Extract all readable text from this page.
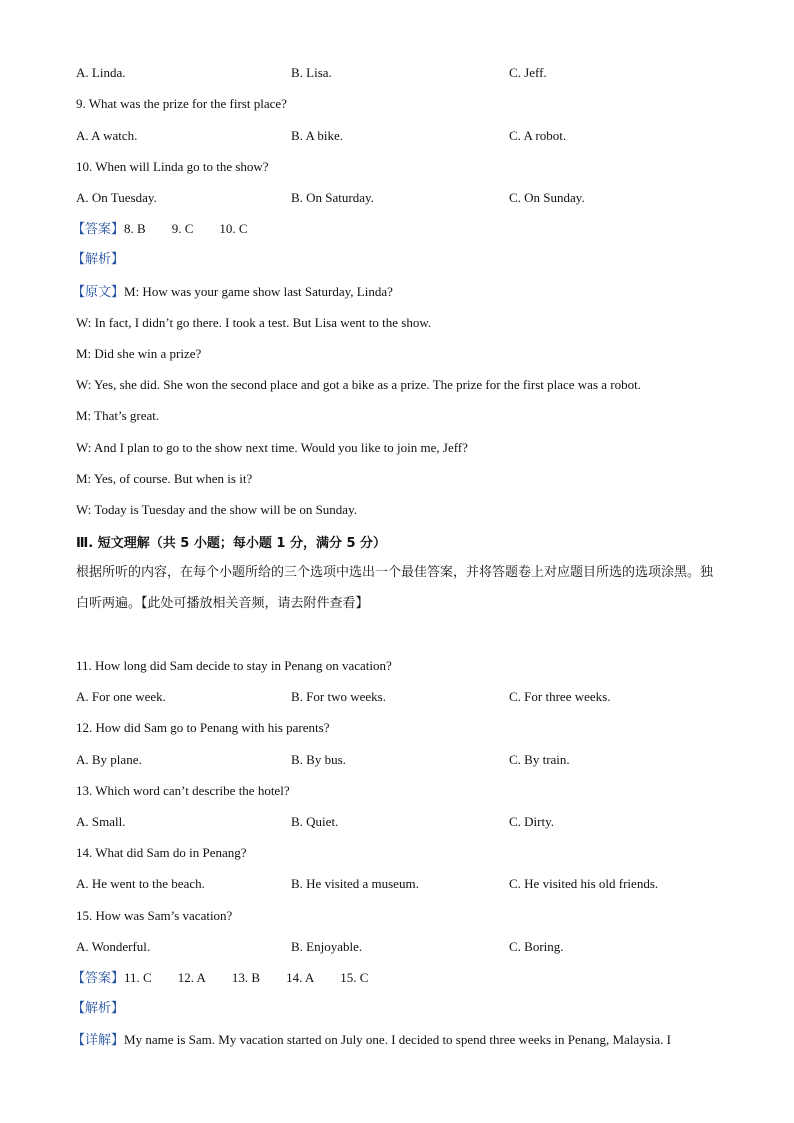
A. Linda.	B. Lisa.	C. Jeff.
9. What was the prize for the first place?
A. A watch.	B. A bike.	C. A robot.
10. When will Linda go to the show?
A. On Tuesday.	B. On Saturday.	C. On Sunday.
【答案】8. B 9. C 10. C
【解析】
【原文】M: How was your game show last Saturday, Linda?
W: In fact, I didn’t go there. I took a test. But Lisa went to the show.
M: Did she win a prize?
W: Yes, she did. She won the second place and got a bike as a prize. The prize for the first place was a robot.
M: That’s great.
W: And I plan to go to the show next time. Would you like to join me, Jeff?
M: Yes, of course. But when is it?
W: Today is Tuesday and the show will be on Sunday.
Ⅲ. 短文理解（共 5 小题；每小题 1 分，满分 5 分）
根据所听的内容，在每个小题所给的三个选项中选出一个最佳答案，并将答题卷上对应题目所选的选项涂黑。独白听两遍。【此处可播放相关音频，请去附件查看】
11. How long did Sam decide to stay in Penang on vacation?
A. For one week.	B. For two weeks.	C. For three weeks.
12. How did Sam go to Penang with his parents?
A. By plane.	B. By bus.	C. By train.
13. Which word can’t describe the hotel?
A. Small.	B. Quiet.	C. Dirty.
14. What did Sam do in Penang?
A. He went to the beach.	B. He visited a museum.	C. He visited his old friends.
15. How was Sam’s vacation?
A. Wonderful.	B. Enjoyable.	C. Boring.
【答案】11. C 12. A 13. B 14. A 15. C
【解析】
【详解】My name is Sam. My vacation started on July one. I decided to spend three weeks in Penang, Malaysia. I
